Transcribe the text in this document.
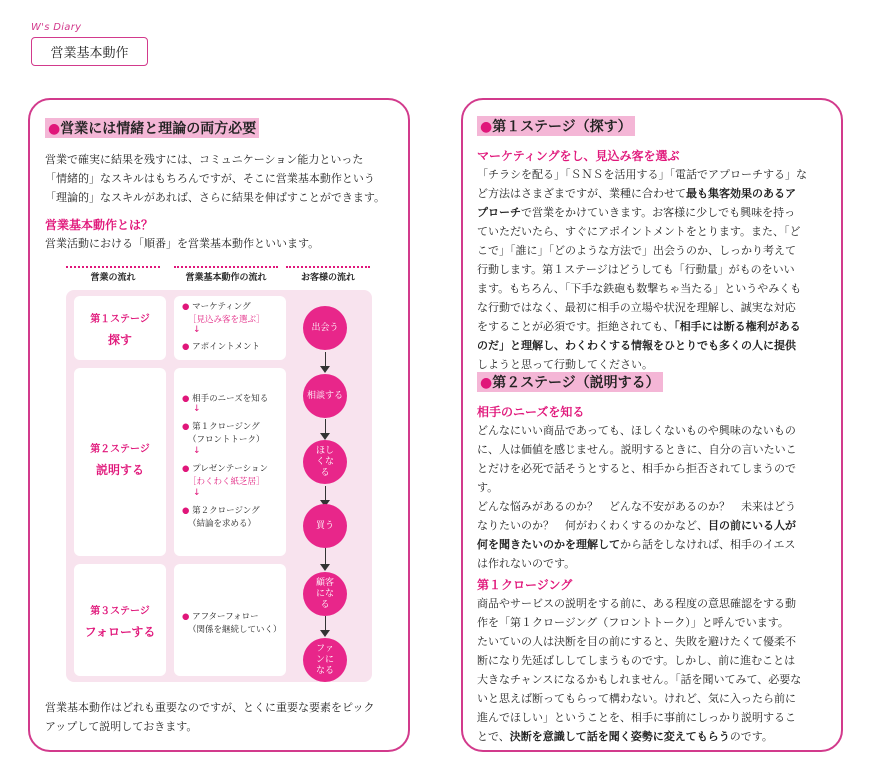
W's Diary
営業基本動作
●営業には情緒と理論の両方必要
営業で確実に結果を残すには、コミュニケーション能力といった
「情緒的」なスキルはもちろんですが、そこに営業基本動作という
「理論的」なスキルがあれば、さらに結果を伸ばすことができます。
営業基本動作とは？
営業活動における「順番」を営業基本動作といいます。
営業の流れ	営業基本動作の流れ	お客様の流れ
第１ステージ
探す
第２ステージ
説明する
第３ステージ
フォローする
● マーケティング
［見込み客を選ぶ］
↓
● アポイントメント
● 相手のニーズを知る
↓
● 第１クロージング
（フロントトーク）
↓
● プレゼンテーション
［わくわく紙芝居］
↓
● 第２クロージング
（結論を求める）
● アフターフォロー
（関係を継続していく）
出会う
相談する
ほしくなる
買う
顧客になる
ファンになる
営業基本動作はどれも重要なのですが、とくに重要な要素をピック
アップして説明しておきます。
●第１ステージ（探す）
マーケティングをし、見込み客を選ぶ
「チラシを配る」「ＳＮＳを活用する」「電話でアプローチする」な
ど方法はさまざまですが、業種に合わせて最も集客効果のあるア
プローチで営業をかけていきます。お客様に少しでも興味を持っ
ていただいたら、すぐにアポイントメントをとります。また、「ど
こで」「誰に」「どのような方法で」出会うのか、しっかり考えて
行動します。第１ステージはどうしても「行動量」がものをいい
ます。もちろん、「下手な鉄砲も数撃ちゃ当たる」というやみくも
な行動ではなく、最初に相手の立場や状況を理解し、誠実な対応
をすることが必須です。拒絶されても、「相手には断る権利がある
のだ」と理解し、わくわくする情報をひとりでも多くの人に提供
しようと思って行動してください。
●第２ステージ（説明する）
相手のニーズを知る
どんなにいい商品であっても、ほしくないものや興味のないもの
に、人は価値を感じません。説明するときに、自分の言いたいこ
とだけを必死で話そうとすると、相手から拒否されてしまうので
す。
どんな悩みがあるのか？　どんな不安があるのか？　未来はどう
なりたいのか？　何がわくわくするのかなど、目の前にいる人が
何を聞きたいのかを理解してから話をしなければ、相手のイエス
は作れないのです。
第１クロージング
商品やサービスの説明をする前に、ある程度の意思確認をする動
作を「第１クロージング（フロントトーク）」と呼んでいます。
たいていの人は決断を目の前にすると、失敗を避けたくて優柔不
断になり先延ばししてしまうものです。しかし、前に進むことは
大きなチャンスになるかもしれません。「話を聞いてみて、必要な
いと思えば断ってもらって構わない。けれど、気に入ったら前に
進んでほしい」ということを、相手に事前にしっかり説明するこ
とで、決断を意識して話を聞く姿勢に変えてもらうのです。
